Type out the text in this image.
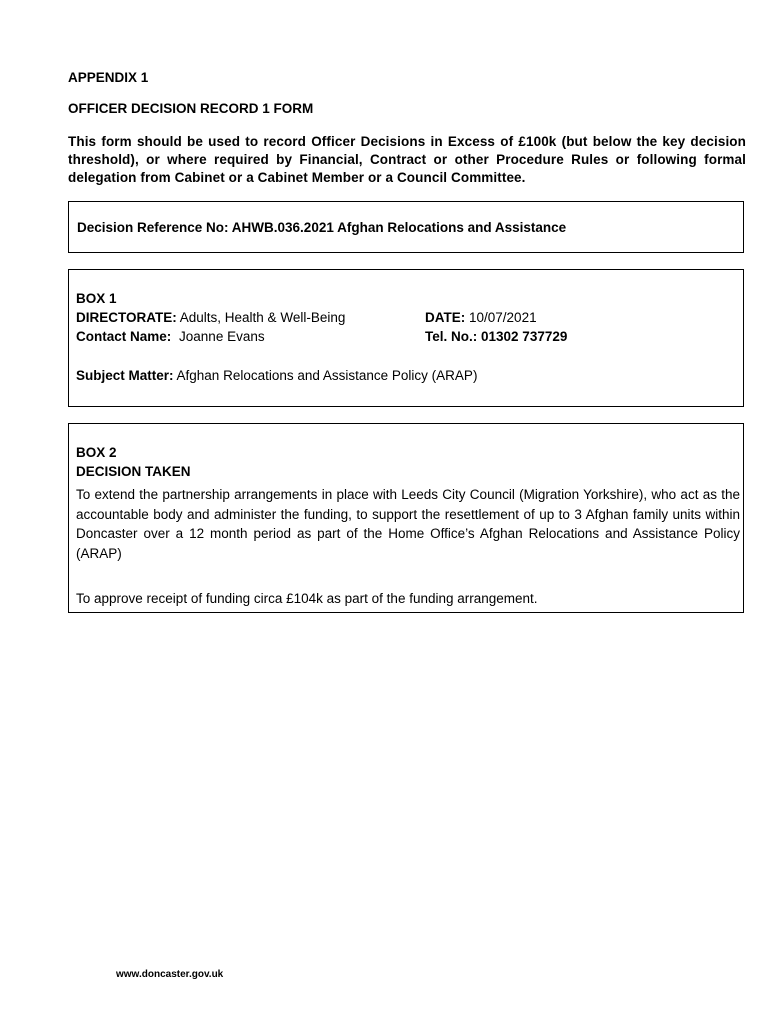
APPENDIX 1
OFFICER DECISION RECORD 1 FORM
This form should be used to record Officer Decisions in Excess of £100k (but below the key decision threshold), or where required by Financial, Contract or other Procedure Rules or following formal delegation from Cabinet or a Cabinet Member or a Council Committee.
Decision Reference No: AHWB.036.2021 Afghan Relocations and Assistance
BOX 1
DIRECTORATE: Adults, Health & Well-Being	DATE: 10/07/2021
Contact Name: Joanne Evans	Tel. No.: 01302 737729
Subject Matter: Afghan Relocations and Assistance Policy (ARAP)
BOX 2
DECISION TAKEN
To extend the partnership arrangements in place with Leeds City Council (Migration Yorkshire), who act as the accountable body and administer the funding, to support the resettlement of up to 3 Afghan family units within Doncaster over a 12 month period as part of the Home Office’s Afghan Relocations and Assistance Policy (ARAP)
To approve receipt of funding circa £104k as part of the funding arrangement.
www.doncaster.gov.uk
